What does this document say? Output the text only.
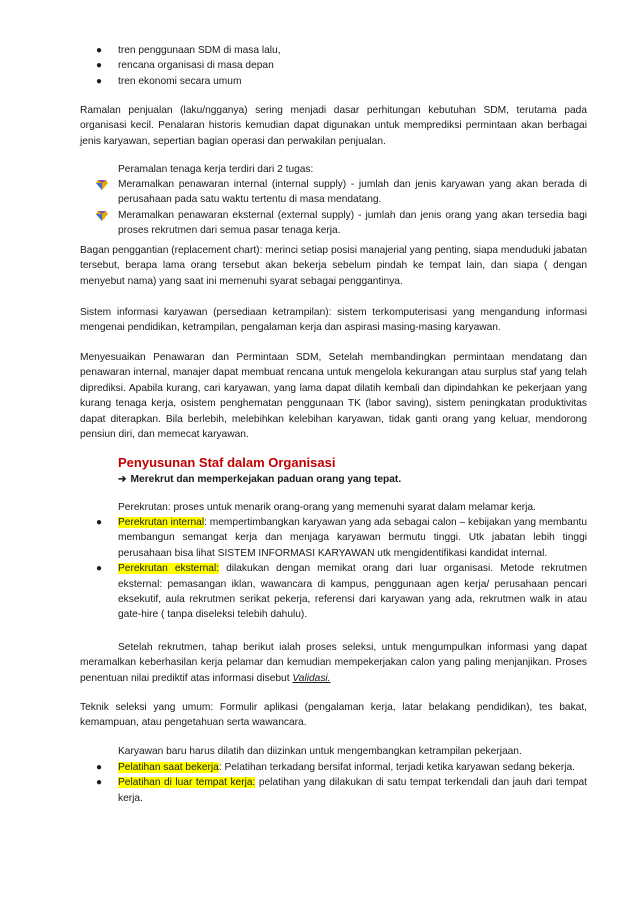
● tren penggunaan SDM di masa lalu,
● rencana organisasi di masa depan
● tren ekonomi secara umum

Ramalan penjualan (laku/ngganya) sering menjadi dasar perhitungan kebutuhan SDM, terutama pada organisasi kecil. Penalaran historis kemudian dapat digunakan untuk memprediksi permintaan akan berbagai jenis karyawan, sepertian bagian operasi dan perwakilan penjualan.

Peramalan tenaga kerja terdiri dari 2 tugas:

Meramalkan penawaran internal (internal supply) - jumlah dan jenis karyawan yang akan berada di perusahaan pada satu waktu tertentu di masa mendatang.
Meramalkan penawaran eksternal (external supply) - jumlah dan jenis orang yang akan tersedia bagi proses rekrutmen dari semua pasar tenaga kerja.

Bagan penggantian (replacement chart): merinci setiap posisi manajerial yang penting, siapa menduduki jabatan tersebut, berapa lama orang tersebut akan bekerja sebelum pindah ke tempat lain, dan siapa ( dengan menyebut nama) yang saat ini memenuhi syarat sebagai penggantinya.

Sistem informasi karyawan (persediaan ketrampilan): sistem terkomputerisasi yang mengandung informasi mengenai pendidikan, ketrampilan, pengalaman kerja dan aspirasi masing-masing karyawan.

Menyesuaikan Penawaran dan Permintaan SDM, Setelah membandingkan permintaan mendatang dan penawaran internal, manajer dapat membuat rencana untuk mengelola kekurangan atau surplus staf yang telah diprediksi. Apabila kurang, cari karyawan, yang lama dapat dilatih kembali dan dipindahkan ke pekerjaan yang kurang tenaga kerja, osistem penghematan penggunaan TK (labor saving), sistem peningkatan produktivitas dapat diterapkan. Bila berlebih, melebihkan kelebihan karyawan, tidak ganti orang yang keluar, mendorong pensiun diri, dan memecat karyawan.

Penyusunan Staf dalam Organisasi
➔ Merekrut dan memperkejakan paduan orang yang tepat.

Perekrutan: proses untuk menarik orang-orang yang memenuhi syarat dalam melamar kerja.

● Perekrutan internal: mempertimbangkan karyawan yang ada sebagai calon – kebijakan yang membantu membangun semangat kerja dan menjaga karyawan bermutu tinggi. Utk jabatan lebih tinggi perusahaan bisa lihat SISTEM INFORMASI KARYAWAN utk mengidentifikasi kandidat internal.
● Perekrutan eksternal: dilakukan dengan memikat orang dari luar organisasi. Metode rekrutmen eksternal: pemasangan iklan, wawancara di kampus, penggunaan agen kerja/ perusahaan pencari eksekutif, aula rekrutmen serikat pekerja, referensi dari karyawan yang ada, rekrutmen walk in atau gate-hire ( tanpa diseleksi telebih dahulu).
Setelah rekrutmen, tahap berikut ialah proses seleksi, untuk mengumpulkan informasi yang dapat meramalkan keberhasilan kerja pelamar dan kemudian mempekerjakan calon yang paling menjanjikan. Proses penentuan nilai prediktif atas informasi disebut Validasi.

Teknik seleksi yang umum: Formulir aplikasi (pengalaman kerja, latar belakang pendidikan), tes bakat, kemampuan, atau pengetahuan serta wawancara.

Karyawan baru harus dilatih dan diizinkan untuk mengembangkan ketrampilan pekerjaan.

● Pelatihan saat bekerja: Pelatihan terkadang bersifat informal, terjadi ketika karyawan sedang bekerja.
● Pelatihan di luar tempat kerja: pelatihan yang dilakukan di satu tempat terkendali dan jauh dari tempat kerja.
